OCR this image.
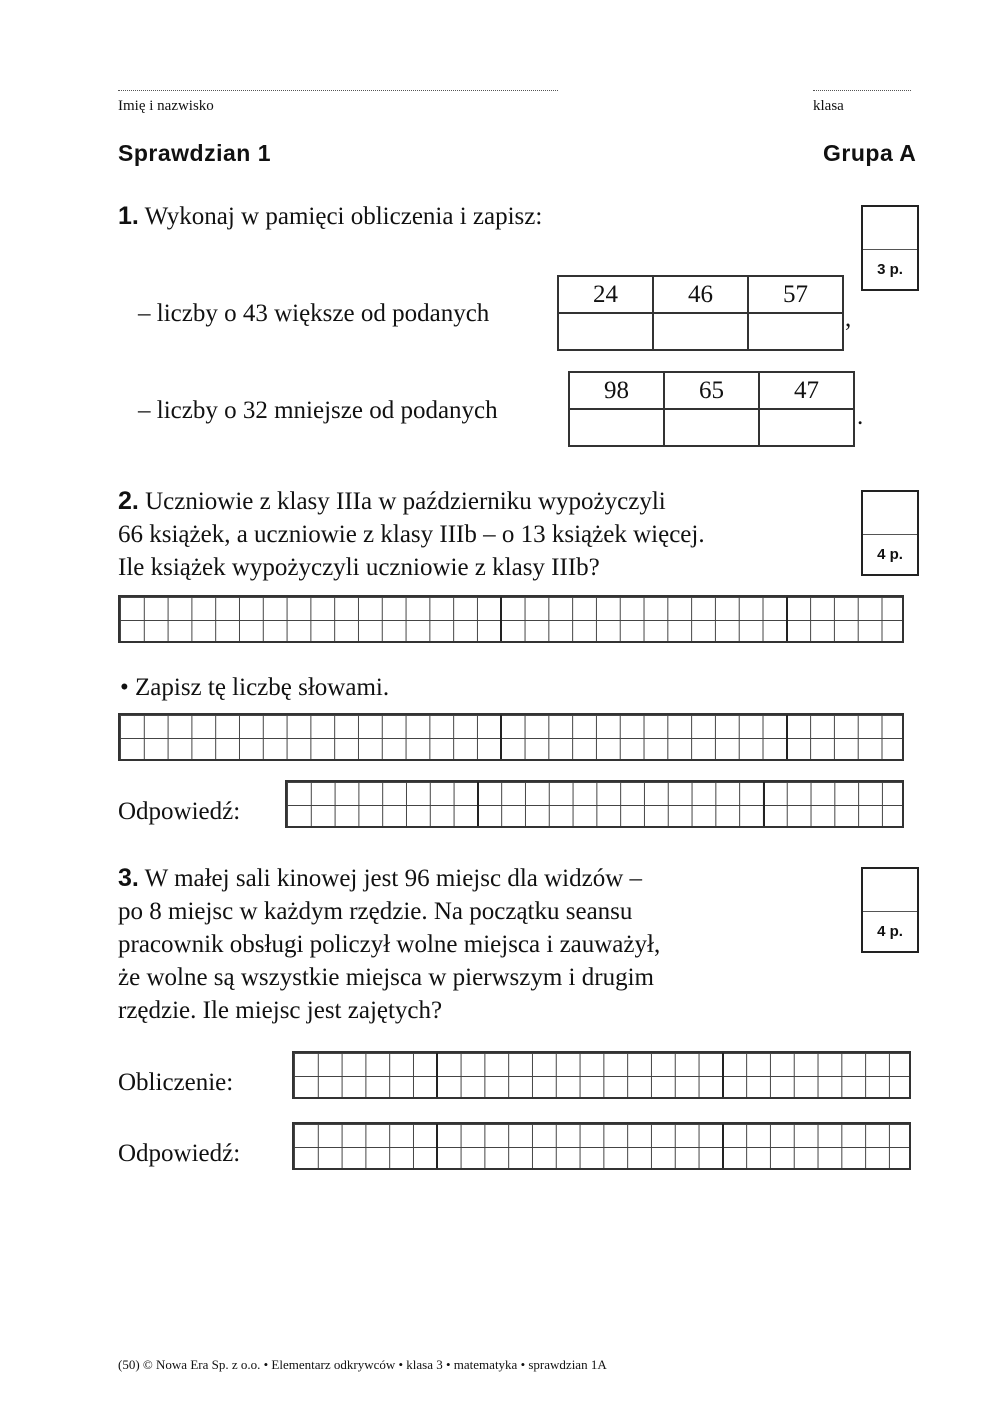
Imię i nazwisko	klasa
Sprawdzian 1	Grupa A
1. Wykonaj w pamięci obliczenia i zapisz:
3 p.
– liczby o 43 większe od podanych
24	46	57

,
– liczby o 32 mniejsze od podanych
98	65	47

.
2. Uczniowie z klasy IIIa w październiku wypożyczyli
66 książek, a uczniowie z klasy IIIb – o 13 książek więcej.
Ile książek wypożyczyli uczniowie z klasy IIIb?	4 p.
• Zapisz tę liczbę słowami.
Odpowiedź:
3. W małej sali kinowej jest 96 miejsc dla widzów –
po 8 miejsc w każdym rzędzie. Na początku seansu
pracownik obsługi policzył wolne miejsca i zauważył,
że wolne są wszystkie miejsca w pierwszym i drugim
rzędzie. Ile miejsc jest zajętych?
4 p.
Obliczenie:
Odpowiedź:
(50) © Nowa Era Sp. z o.o. • Elementarz odkrywców • klasa 3 • matematyka • sprawdzian 1A
